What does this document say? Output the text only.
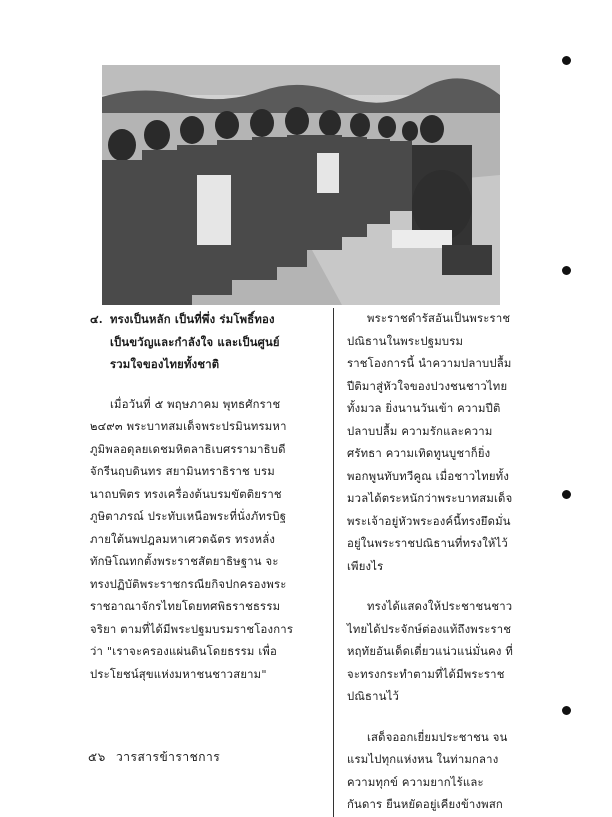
๔. ทรงเป็นหลัก เป็นที่พึ่ง ร่มโพธิ์ทอง เป็นขวัญและกำลังใจ และเป็นศูนย์รวมใจของไทยทั้งชาติ

เมื่อวันที่ ๕ พฤษภาคม พุทธศักราช ๒๔๙๓ พระบาทสมเด็จพระปรมินทรมหาภูมิพลอดุลยเดชมหิตลาธิเบศรรามาธิบดี จักรีนฤบดินทร สยามินทราธิราช บรมนาถบพิตร ทรงเครื่องต้นบรมขัตติยราชภูษิตาภรณ์ ประทับเหนือพระที่นั่งภัทรบิฐ ภายใต้นพปฎลมหาเศวตฉัตร ทรงหลั่งทักษิโณทกตั้งพระราชสัตยาธิษฐาน จะทรงปฏิบัติพระราชกรณียกิจปกครองพระราชอาณาจักรไทยโดยทศพิธราชธรรมจริยา ตามที่ได้มีพระปฐมบรมราชโองการว่า "เราจะครองแผ่นดินโดยธรรม เพื่อประโยชน์สุขแห่งมหาชนชาวสยาม"

พระราชดำรัสอันเป็นพระราชปณิธานในพระปฐมบรมราชโองการนี้ นำความปลาบปลื้มปีติมาสู่หัวใจของปวงชนชาวไทยทั้งมวล ยิ่งนานวันเข้า ความปีติปลาบปลื้ม ความรักและความศรัทธา ความเทิดทูนบูชาก็ยิ่งพอกพูนทับทวีคูณ เมื่อชาวไทยทั้งมวลได้ตระหนักว่าพระบาทสมเด็จพระเจ้าอยู่หัวพระองค์นี้ทรงยึดมั่นอยู่ในพระราชปณิธานที่ทรงให้ไว้เพียงไร

ทรงได้แสดงให้ประชาชนชาวไทยได้ประจักษ์ต่องแท้ถึงพระราชหฤทัยอันเด็ดเดี่ยวแน่วแน่มั่นคง ที่จะทรงกระทำตามที่ได้มีพระราชปณิธานไว้

เสด็จออกเยี่ยมประชาชน จนแรมไปทุกแห่งหน ในท่ามกลางความทุกข์ ความยากไร้และกันดาร ยืนหยัดอยู่เคียงข้างพสก

๕๖ วารสารข้าราชการ
